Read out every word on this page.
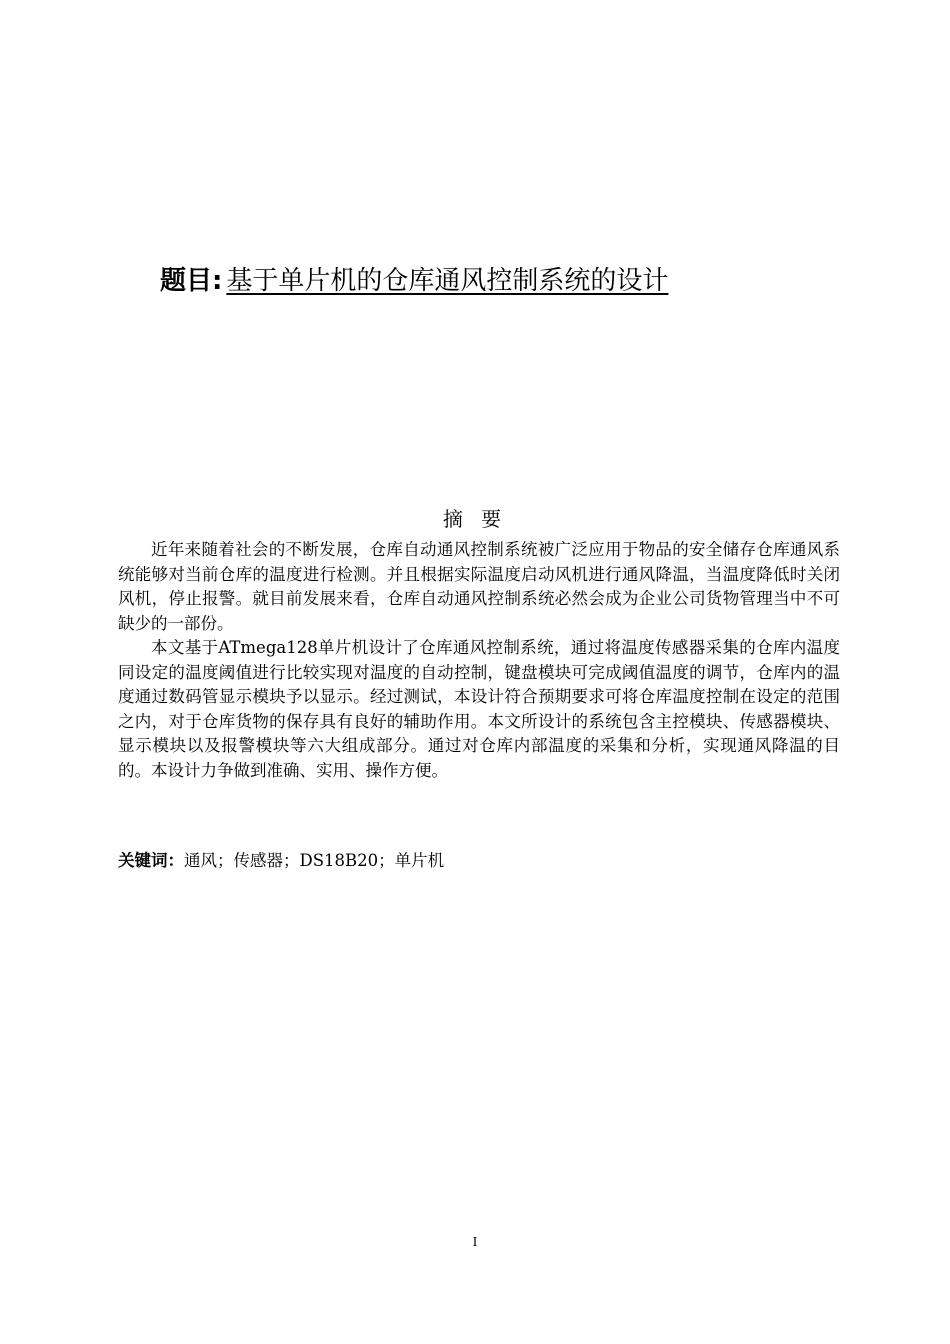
题目: 基于单片机的仓库通风控制系统的设计
摘 要

近年来随着社会的不断发展，仓库自动通风控制系统被广泛应用于物品的安全储存仓库通风系统能够对当前仓库的温度进行检测。并且根据实际温度启动风机进行通风降温，当温度降低时关闭风机，停止报警。就目前发展来看，仓库自动通风控制系统必然会成为企业公司货物管理当中不可缺少的一部份。

本文基于ATmega128单片机设计了仓库通风控制系统，通过将温度传感器采集的仓库内温度同设定的温度阈值进行比较实现对温度的自动控制，键盘模块可完成阈值温度的调节，仓库内的温度通过数码管显示模块予以显示。经过测试，本设计符合预期要求可将仓库温度控制在设定的范围之内，对于仓库货物的保存具有良好的辅助作用。本文所设计的系统包含主控模块、传感器模块、显示模块以及报警模块等六大组成部分。通过对仓库内部温度的采集和分析，实现通风降温的目的。本设计力争做到准确、实用、操作方便。

关键词：通风；传感器；DS18B20；单片机
I
